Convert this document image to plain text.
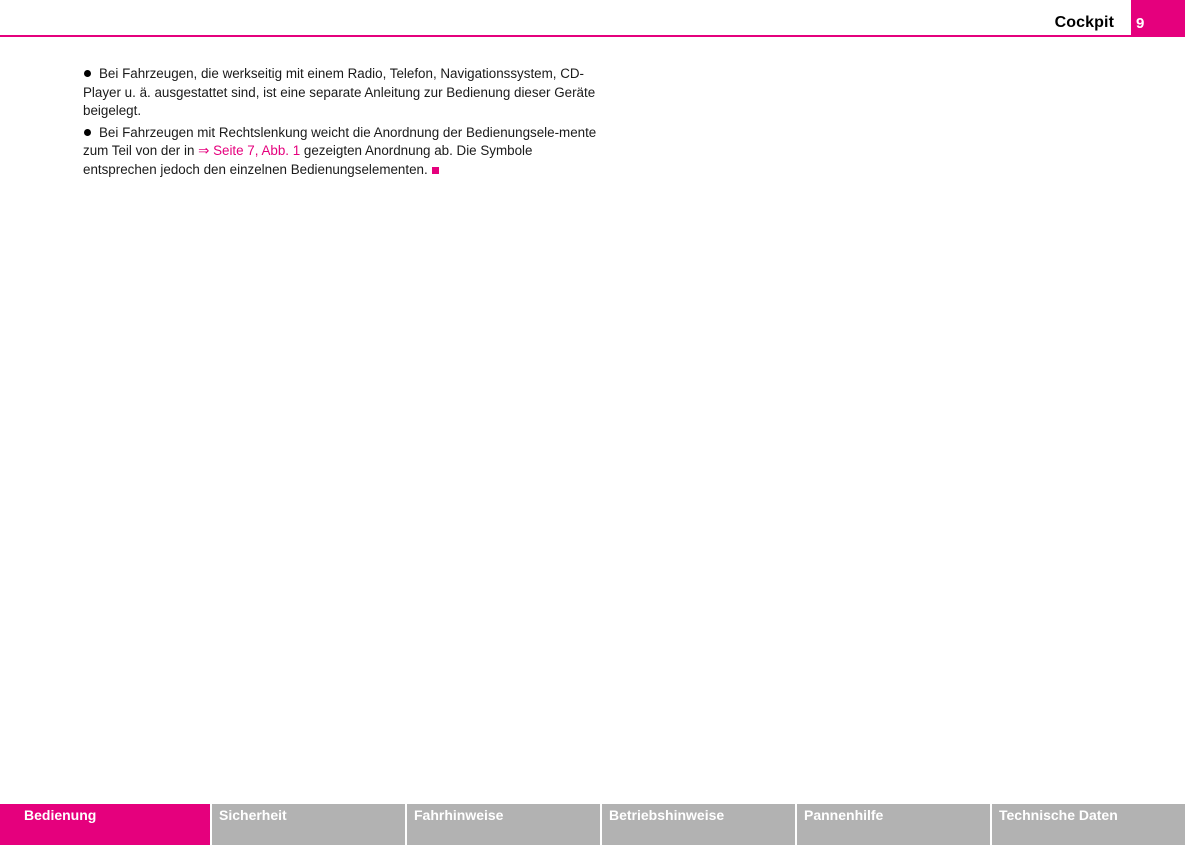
Cockpit 9

Bei Fahrzeugen, die werkseitig mit einem Radio, Telefon, Navigationssystem, CD-Player u. ä. ausgestattet sind, ist eine separate Anleitung zur Bedienung dieser Geräte beigelegt.

Bei Fahrzeugen mit Rechtslenkung weicht die Anordnung der Bedienungsele-mente zum Teil von der in ⇒ Seite 7, Abb. 1 gezeigten Anordnung ab. Die Symbole entsprechen jedoch den einzelnen Bedienungselementen.

Bedienung	Sicherheit	Fahrhinweise	Betriebshinweise	Pannenhilfe	Technische Daten
